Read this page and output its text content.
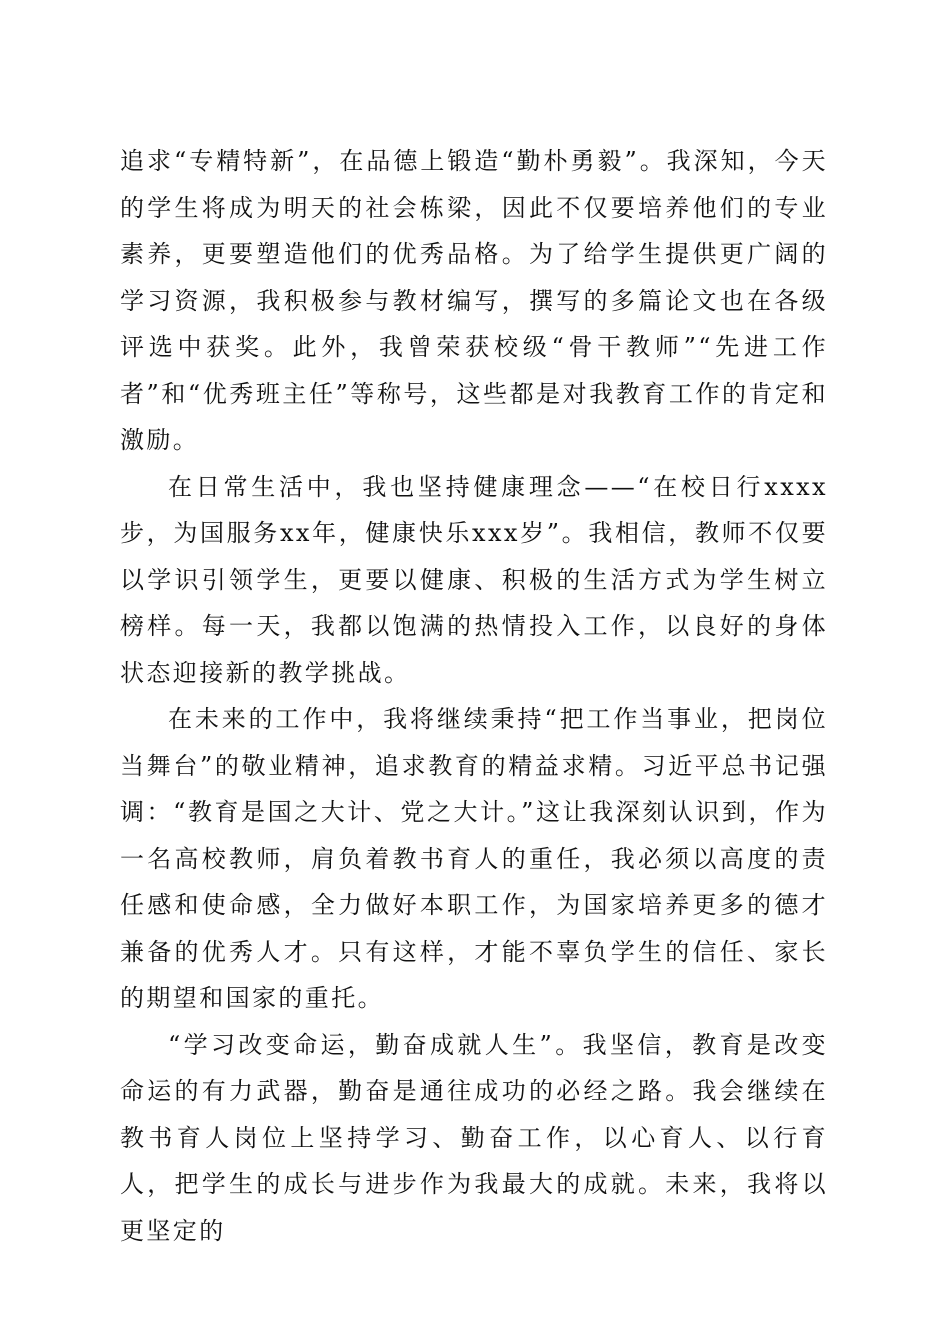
追求“专精特新”，在品德上锻造“勤朴勇毅”。我深知，今天的学生将成为明天的社会栋梁，因此不仅要培养他们的专业素养，更要塑造他们的优秀品格。为了给学生提供更广阔的学习资源，我积极参与教材编写，撰写的多篇论文也在各级评选中获奖。此外，我曾荣获校级“骨干教师”“先进工作者”和“优秀班主任”等称号，这些都是对我教育工作的肯定和激励。

在日常生活中，我也坚持健康理念——“在校日行xxxx步，为国服务xx年，健康快乐xxx岁”。我相信，教师不仅要以学识引领学生，更要以健康、积极的生活方式为学生树立榜样。每一天，我都以饱满的热情投入工作，以良好的身体状态迎接新的教学挑战。

在未来的工作中，我将继续秉持“把工作当事业，把岗位当舞台”的敬业精神，追求教育的精益求精。习近平总书记强调：“教育是国之大计、党之大计。”这让我深刻认识到，作为一名高校教师，肩负着教书育人的重任，我必须以高度的责任感和使命感，全力做好本职工作，为国家培养更多的德才兼备的优秀人才。只有这样，才能不辜负学生的信任、家长的期望和国家的重托。

“学习改变命运，勤奋成就人生”。我坚信，教育是改变命运的有力武器，勤奋是通往成功的必经之路。我会继续在教书育人岗位上坚持学习、勤奋工作，以心育人、以行育人，把学生的成长与进步作为我最大的成就。未来，我将以更坚定的
